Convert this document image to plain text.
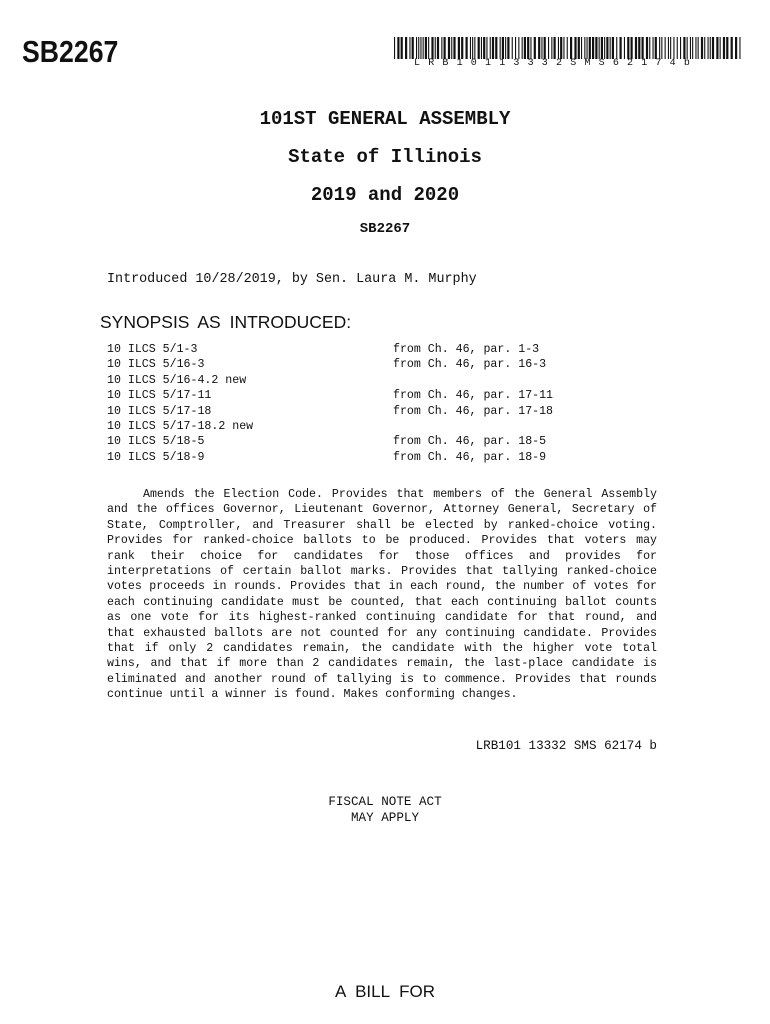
SB2267	LRB10113332SMS62174b
101ST GENERAL ASSEMBLY
State of Illinois
2019 and 2020
SB2267
Introduced 10/28/2019, by Sen. Laura M. Murphy
SYNOPSIS AS INTRODUCED:
10 ILCS 5/1-3	from Ch. 46, par. 1-3
10 ILCS 5/16-3	from Ch. 46, par. 16-3
10 ILCS 5/16-4.2 new
10 ILCS 5/17-11	from Ch. 46, par. 17-11
10 ILCS 5/17-18	from Ch. 46, par. 17-18
10 ILCS 5/17-18.2 new
10 ILCS 5/18-5	from Ch. 46, par. 18-5
10 ILCS 5/18-9	from Ch. 46, par. 18-9
Amends the Election Code. Provides that members of the General Assembly and the offices Governor, Lieutenant Governor, Attorney General, Secretary of State, Comptroller, and Treasurer shall be elected by ranked-choice voting. Provides for ranked-choice ballots to be produced. Provides that voters may rank their choice for candidates for those offices and provides for interpretations of certain ballot marks. Provides that tallying ranked-choice votes proceeds in rounds. Provides that in each round, the number of votes for each continuing candidate must be counted, that each continuing ballot counts as one vote for its highest-ranked continuing candidate for that round, and that exhausted ballots are not counted for any continuing candidate. Provides that if only 2 candidates remain, the candidate with the higher vote total wins, and that if more than 2 candidates remain, the last-place candidate is eliminated and another round of tallying is to commence. Provides that rounds continue until a winner is found. Makes conforming changes.
LRB101 13332 SMS 62174 b
FISCAL NOTE ACT
MAY APPLY
A BILL FOR
